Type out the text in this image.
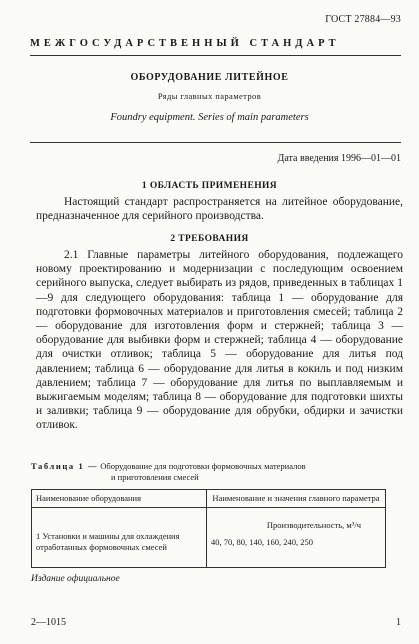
ГОСТ 27884—93
МЕЖГОСУДАРСТВЕННЫЙ СТАНДАРТ
ОБОРУДОВАНИЕ ЛИТЕЙНОЕ
Ряды главных параметров
Foundry equipment. Series of main parameters
Дата введения 1996—01—01
1 ОБЛАСТЬ ПРИМЕНЕНИЯ
Настоящий стандарт распространяется на литейное оборудование, предназначенное для серийного производства.
2 ТРЕБОВАНИЯ
2.1 Главные параметры литейного оборудования, подлежащего новому проектированию и модернизации с последующим освоением серийного выпуска, следует выбирать из рядов, приведенных в таблицах 1—9 для следующего оборудования: таблица 1 — оборудование для подготовки формовочных материалов и приготовления смесей; таблица 2 — оборудование для изготовления форм и стержней; таблица 3 — оборудование для выбивки форм и стержней; таблица 4 — оборудование для очистки отливок; таблица 5 — оборудование для литья под давлением; таблица 6 — оборудование для литья в кокиль и под низким давлением; таблица 7 — оборудование для литья по выплавляемым и выжигаемым моделям; таблица 8 — оборудование для подготовки шихты и заливки; таблица 9 — оборудование для обрубки, обдирки и зачистки отливок.
Таблица 1 — Оборудование для подготовки формовочных материалов
и приготовления смесей
Наименование оборудования	Наименование и значения главного параметра

1 Установки и машины для охлаждения отработанных формовочных смесей	Производительность, м³/ч
40, 70, 80, 140, 160, 240, 250
Издание официальное
2—1015	1
